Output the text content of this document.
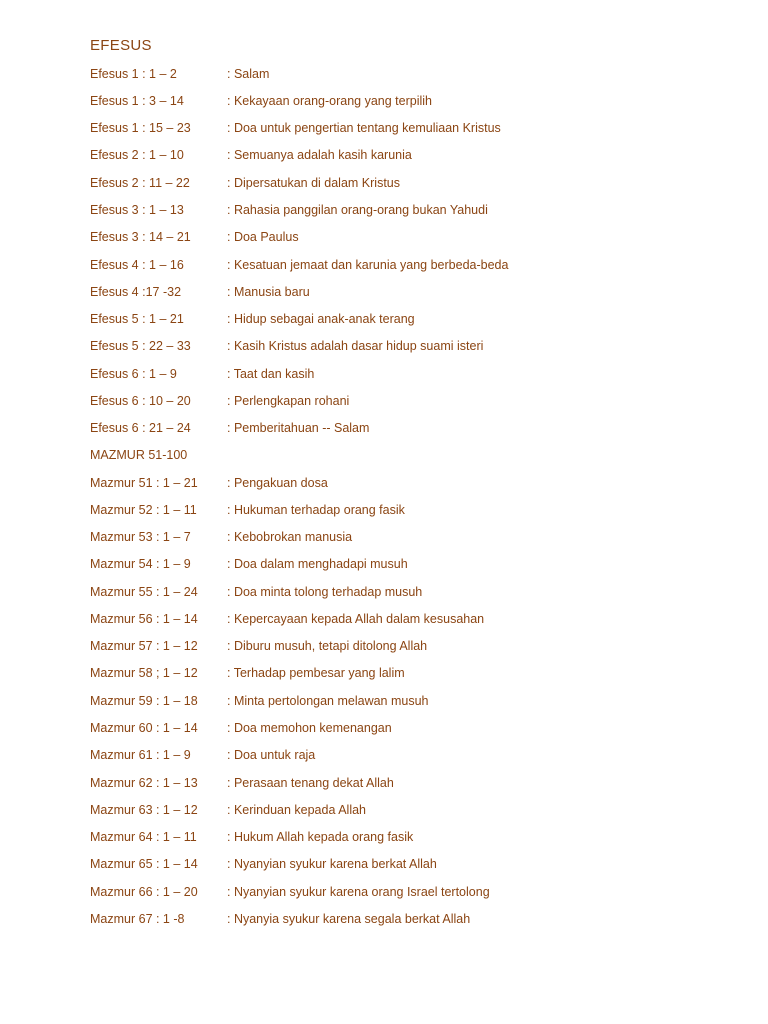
EFESUS
Efesus 1 : 1 – 2	: Salam
Efesus 1 : 3 – 14	: Kekayaan orang-orang yang terpilih
Efesus 1 : 15 – 23	: Doa untuk pengertian tentang kemuliaan Kristus
Efesus 2 : 1 – 10	: Semuanya adalah kasih karunia
Efesus 2 : 11 – 22	: Dipersatukan di dalam Kristus
Efesus 3 : 1 – 13	: Rahasia panggilan orang-orang bukan Yahudi
Efesus 3 : 14 – 21	: Doa Paulus
Efesus 4 : 1 – 16	: Kesatuan jemaat dan karunia yang berbeda-beda
Efesus 4 :17 -32	: Manusia baru
Efesus 5 : 1 – 21	: Hidup sebagai anak-anak terang
Efesus 5 : 22 – 33	: Kasih Kristus adalah dasar hidup suami isteri
Efesus 6 : 1 – 9	: Taat dan kasih
Efesus 6 : 10 – 20	: Perlengkapan rohani
Efesus 6 : 21 – 24	: Pemberitahuan -- Salam
MAZMUR 51-100
Mazmur 51 : 1 – 21 : Pengakuan dosa
Mazmur 52 : 1 – 11 : Hukuman terhadap orang fasik
Mazmur 53 : 1 – 7	: Kebobrokan manusia
Mazmur 54 : 1 – 9	: Doa dalam menghadapi musuh
Mazmur 55 : 1 – 24 : Doa minta tolong terhadap musuh
Mazmur 56 : 1 – 14 : Kepercayaan kepada Allah dalam kesusahan
Mazmur 57 : 1 – 12 : Diburu musuh, tetapi ditolong Allah
Mazmur 58 ; 1 – 12 : Terhadap pembesar yang lalim
Mazmur 59 : 1 – 18 : Minta pertolongan melawan musuh
Mazmur 60 : 1 – 14 : Doa memohon kemenangan
Mazmur 61 : 1 – 9	: Doa untuk raja
Mazmur 62 : 1 – 13 : Perasaan tenang dekat Allah
Mazmur 63 : 1 – 12 : Kerinduan kepada Allah
Mazmur 64 : 1 – 11 : Hukum Allah kepada orang fasik
Mazmur 65 : 1 – 14 : Nyanyian syukur karena berkat Allah
Mazmur 66 : 1 – 20 : Nyanyian syukur karena orang Israel tertolong
Mazmur 67 : 1 -8	: Nyanyia syukur karena segala berkat Allah
